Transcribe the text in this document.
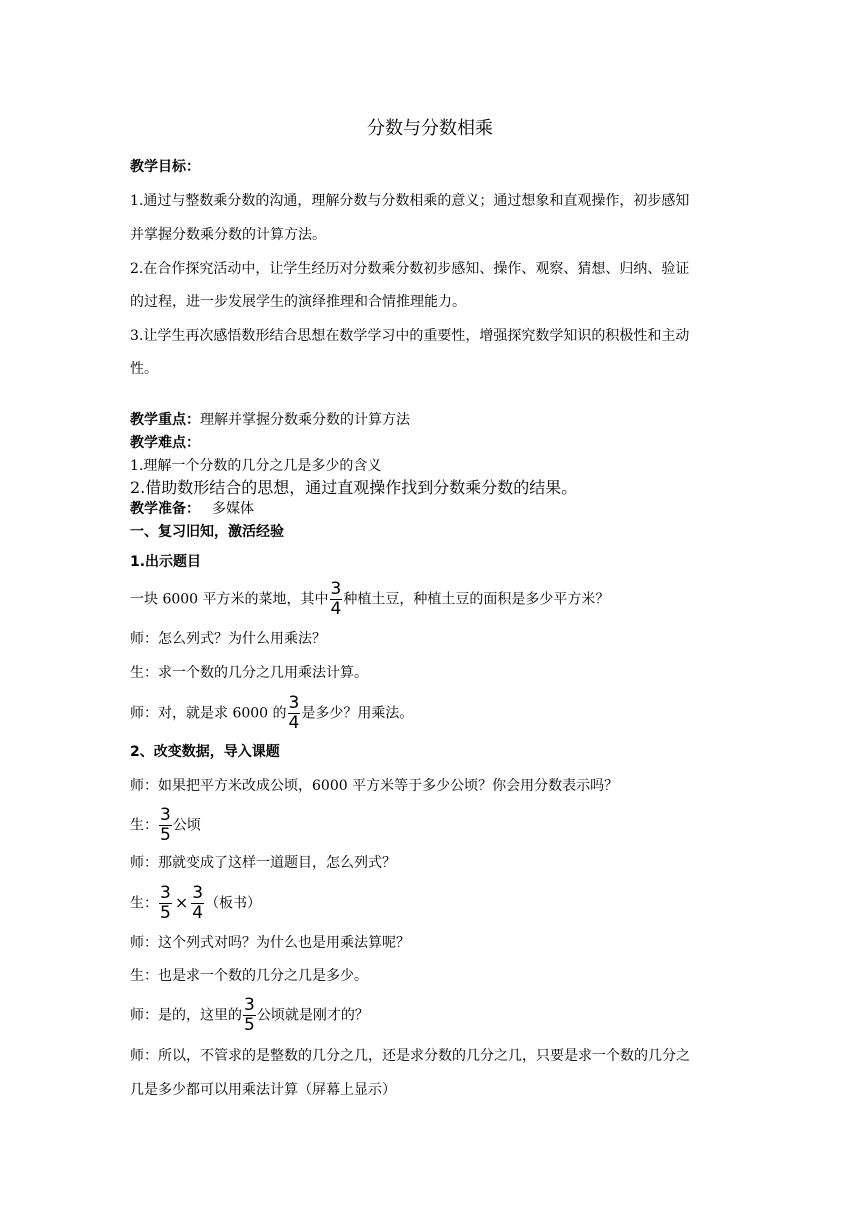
分数与分数相乘
教学目标：
1.通过与整数乘分数的沟通，理解分数与分数相乘的意义；通过想象和直观操作，初步感知
并掌握分数乘分数的计算方法。
2.在合作探究活动中，让学生经历对分数乘分数初步感知、操作、观察、猜想、归纳、验证
的过程，进一步发展学生的演绎推理和合情推理能力。
3.让学生再次感悟数形结合思想在数学学习中的重要性，增强探究数学知识的积极性和主动
性。
教学重点：理解并掌握分数乘分数的计算方法
教学难点：
1.理解一个分数的几分之几是多少的含义
2.借助数形结合的思想，通过直观操作找到分数乘分数的结果。
教学准备： 多媒体
一、复习旧知，激活经验
1.出示题目
一块 6000 平方米的菜地，其中 $\frac{3}{4}$ 种植土豆，种植土豆的面积是多少平方米？
师：怎么列式？为什么用乘法？
生：求一个数的几分之几用乘法计算。
师：对，就是求 6000 的 $\frac{3}{4}$ 是多少？用乘法。
2、改变数据，导入课题
师：如果把平方米改成公顷，6000 平方米等于多少公顷？你会用分数表示吗？
生： $\frac{3}{5}$ 公顷
师：那就变成了这样一道题目，怎么列式？
生： $\frac{3}{5} \times \frac{3}{4}$ （板书）
师：这个列式对吗？为什么也是用乘法算呢？
生：也是求一个数的几分之几是多少。
师：是的，这里的 $\frac{3}{5}$ 公顷就是刚才的？
师：所以，不管求的是整数的几分之几，还是求分数的几分之几，只要是求一个数的几分之
几是多少都可以用乘法计算（屏幕上显示）
